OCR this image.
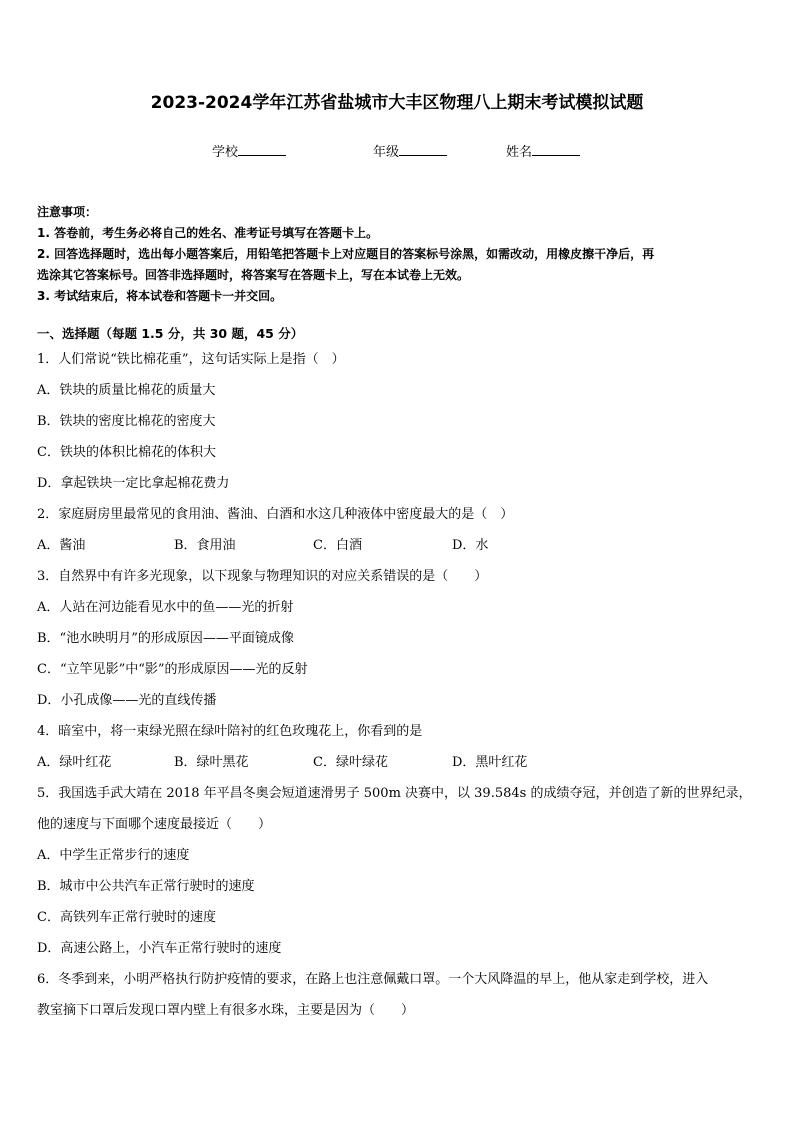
2023-2024学年江苏省盐城市大丰区物理八上期末考试模拟试题
学校	年级	姓名

注意事项：

1. 答卷前，考生务必将自己的姓名、准考证号填写在答题卡上。

2. 回答选择题时，选出每小题答案后，用铅笔把答题卡上对应题目的答案标号涂黑，如需改动，用橡皮擦干净后，再

选涂其它答案标号。回答非选择题时，将答案写在答题卡上，写在本试卷上无效。

3. 考试结束后，将本试卷和答题卡一并交回。

一、选择题（每题 1.5 分，共 30 题，45 分）

1．人们常说“铁比棉花重”，这句话实际上是指（　）

A．铁块的质量比棉花的质量大

B．铁块的密度比棉花的密度大

C．铁块的体积比棉花的体积大

D．拿起铁块一定比拿起棉花费力

2．家庭厨房里最常见的食用油、酱油、白酒和水这几种液体中密度最大的是（　）

A．酱油	B．食用油	C．白酒	D．水

3．自然界中有许多光现象，以下现象与物理知识的对应关系错误的是（　　）

A．人站在河边能看见水中的鱼——光的折射

B．“池水映明月”的形成原因——平面镜成像

C．“立竿见影”中“影”的形成原因——光的反射

D．小孔成像——光的直线传播

4．暗室中，将一束绿光照在绿叶陪衬的红色玫瑰花上，你看到的是

A．绿叶红花	B．绿叶黑花	C．绿叶绿花	D．黑叶红花

5．我国选手武大靖在 2018 年平昌冬奥会短道速滑男子 500m 决赛中，以 39.584s 的成绩夺冠，并创造了新的世界纪录，

他的速度与下面哪个速度最接近（　　）

A．中学生正常步行的速度

B．城市中公共汽车正常行驶时的速度

C．高铁列车正常行驶时的速度

D．高速公路上，小汽车正常行驶时的速度

6．冬季到来，小明严格执行防护疫情的要求，在路上也注意佩戴口罩。一个大风降温的早上，他从家走到学校，进入

教室摘下口罩后发现口罩内壁上有很多水珠，主要是因为（　　）
